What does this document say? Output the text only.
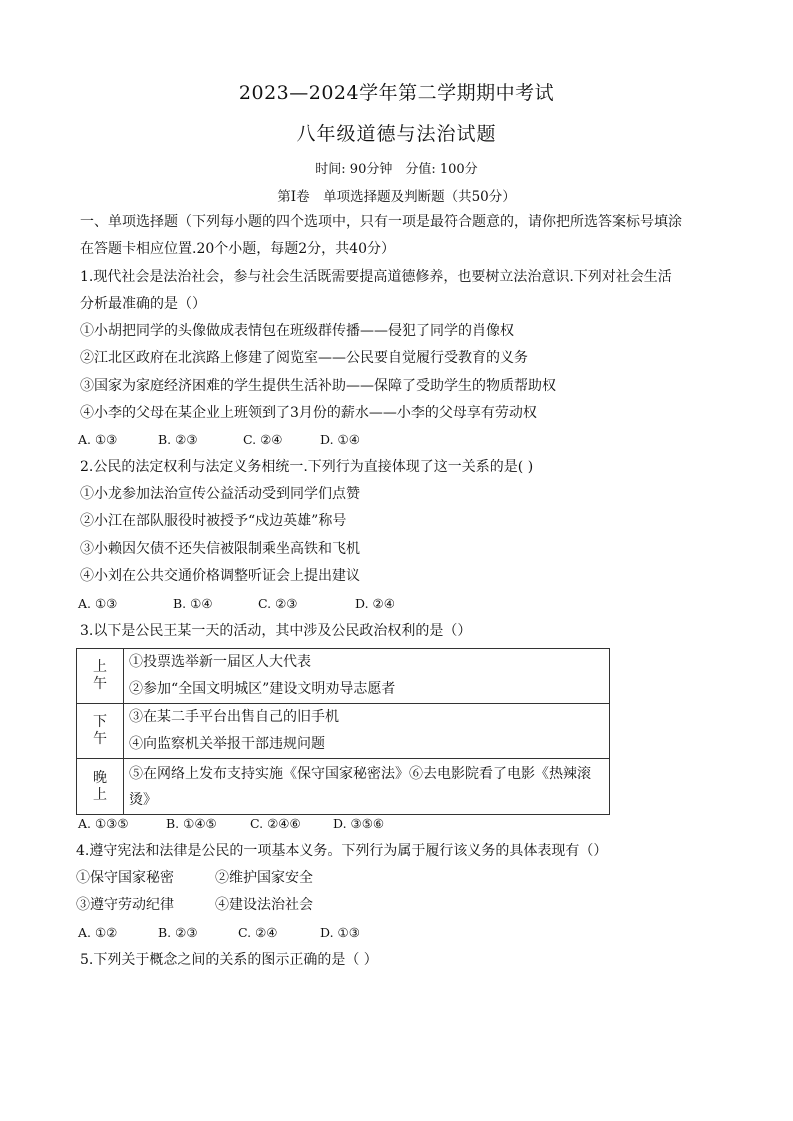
2023—2024学年第二学期期中考试
八年级道德与法治试题
时间: 90分钟　分值: 100分
第Ⅰ卷　单项选择题及判断题（共50分）
一、单项选择题（下列每小题的四个选项中，只有一项是最符合题意的，请你把所选答案标号填涂
在答题卡相应位置.20个小题，每题2分，共40分）
1.现代社会是法治社会，参与社会生活既需要提高道德修养，也要树立法治意识.下列对社会生活
分析最准确的是（）
①小胡把同学的头像做成表情包在班级群传播——侵犯了同学的肖像权
②江北区政府在北滨路上修建了阅览室——公民要自觉履行受教育的义务
③国家为家庭经济困难的学生提供生活补助——保障了受助学生的物质帮助权
④小李的父母在某企业上班领到了3月份的薪水——小李的父母享有劳动权
A. ①③	B. ②③	C. ②④	D. ①④
2.公民的法定权利与法定义务相统一.下列行为直接体现了这一关系的是( )
①小龙参加法治宣传公益活动受到同学们点赞
②小江在部队服役时被授予“戍边英雄”称号
③小赖因欠债不还失信被限制乘坐高铁和飞机
④小刘在公共交通价格调整听证会上提出建议
A. ①③	B. ①④	C. ②③	D. ②④
3.以下是公民王某一天的活动，其中涉及公民政治权利的是（）
上午	①投票选举新一届区人大代表
②参加“全国文明城区”建设文明劝导志愿者

下午	③在某二手平台出售自己的旧手机
④向监察机关举报干部违规问题

晚上	⑤在网络上发布支持实施《保守国家秘密法》⑥去电影院看了电影《热辣滚烫》
A. ①③⑤	B. ①④⑤	C. ②④⑥	D. ③⑤⑥
4.遵守宪法和法律是公民的一项基本义务。下列行为属于履行该义务的具体表现有（）
①保守国家秘密	②维护国家安全
③遵守劳动纪律	④建设法治社会
A. ①②	B. ②③	C. ②④	D. ①③
5.下列关于概念之间的关系的图示正确的是（ ）
